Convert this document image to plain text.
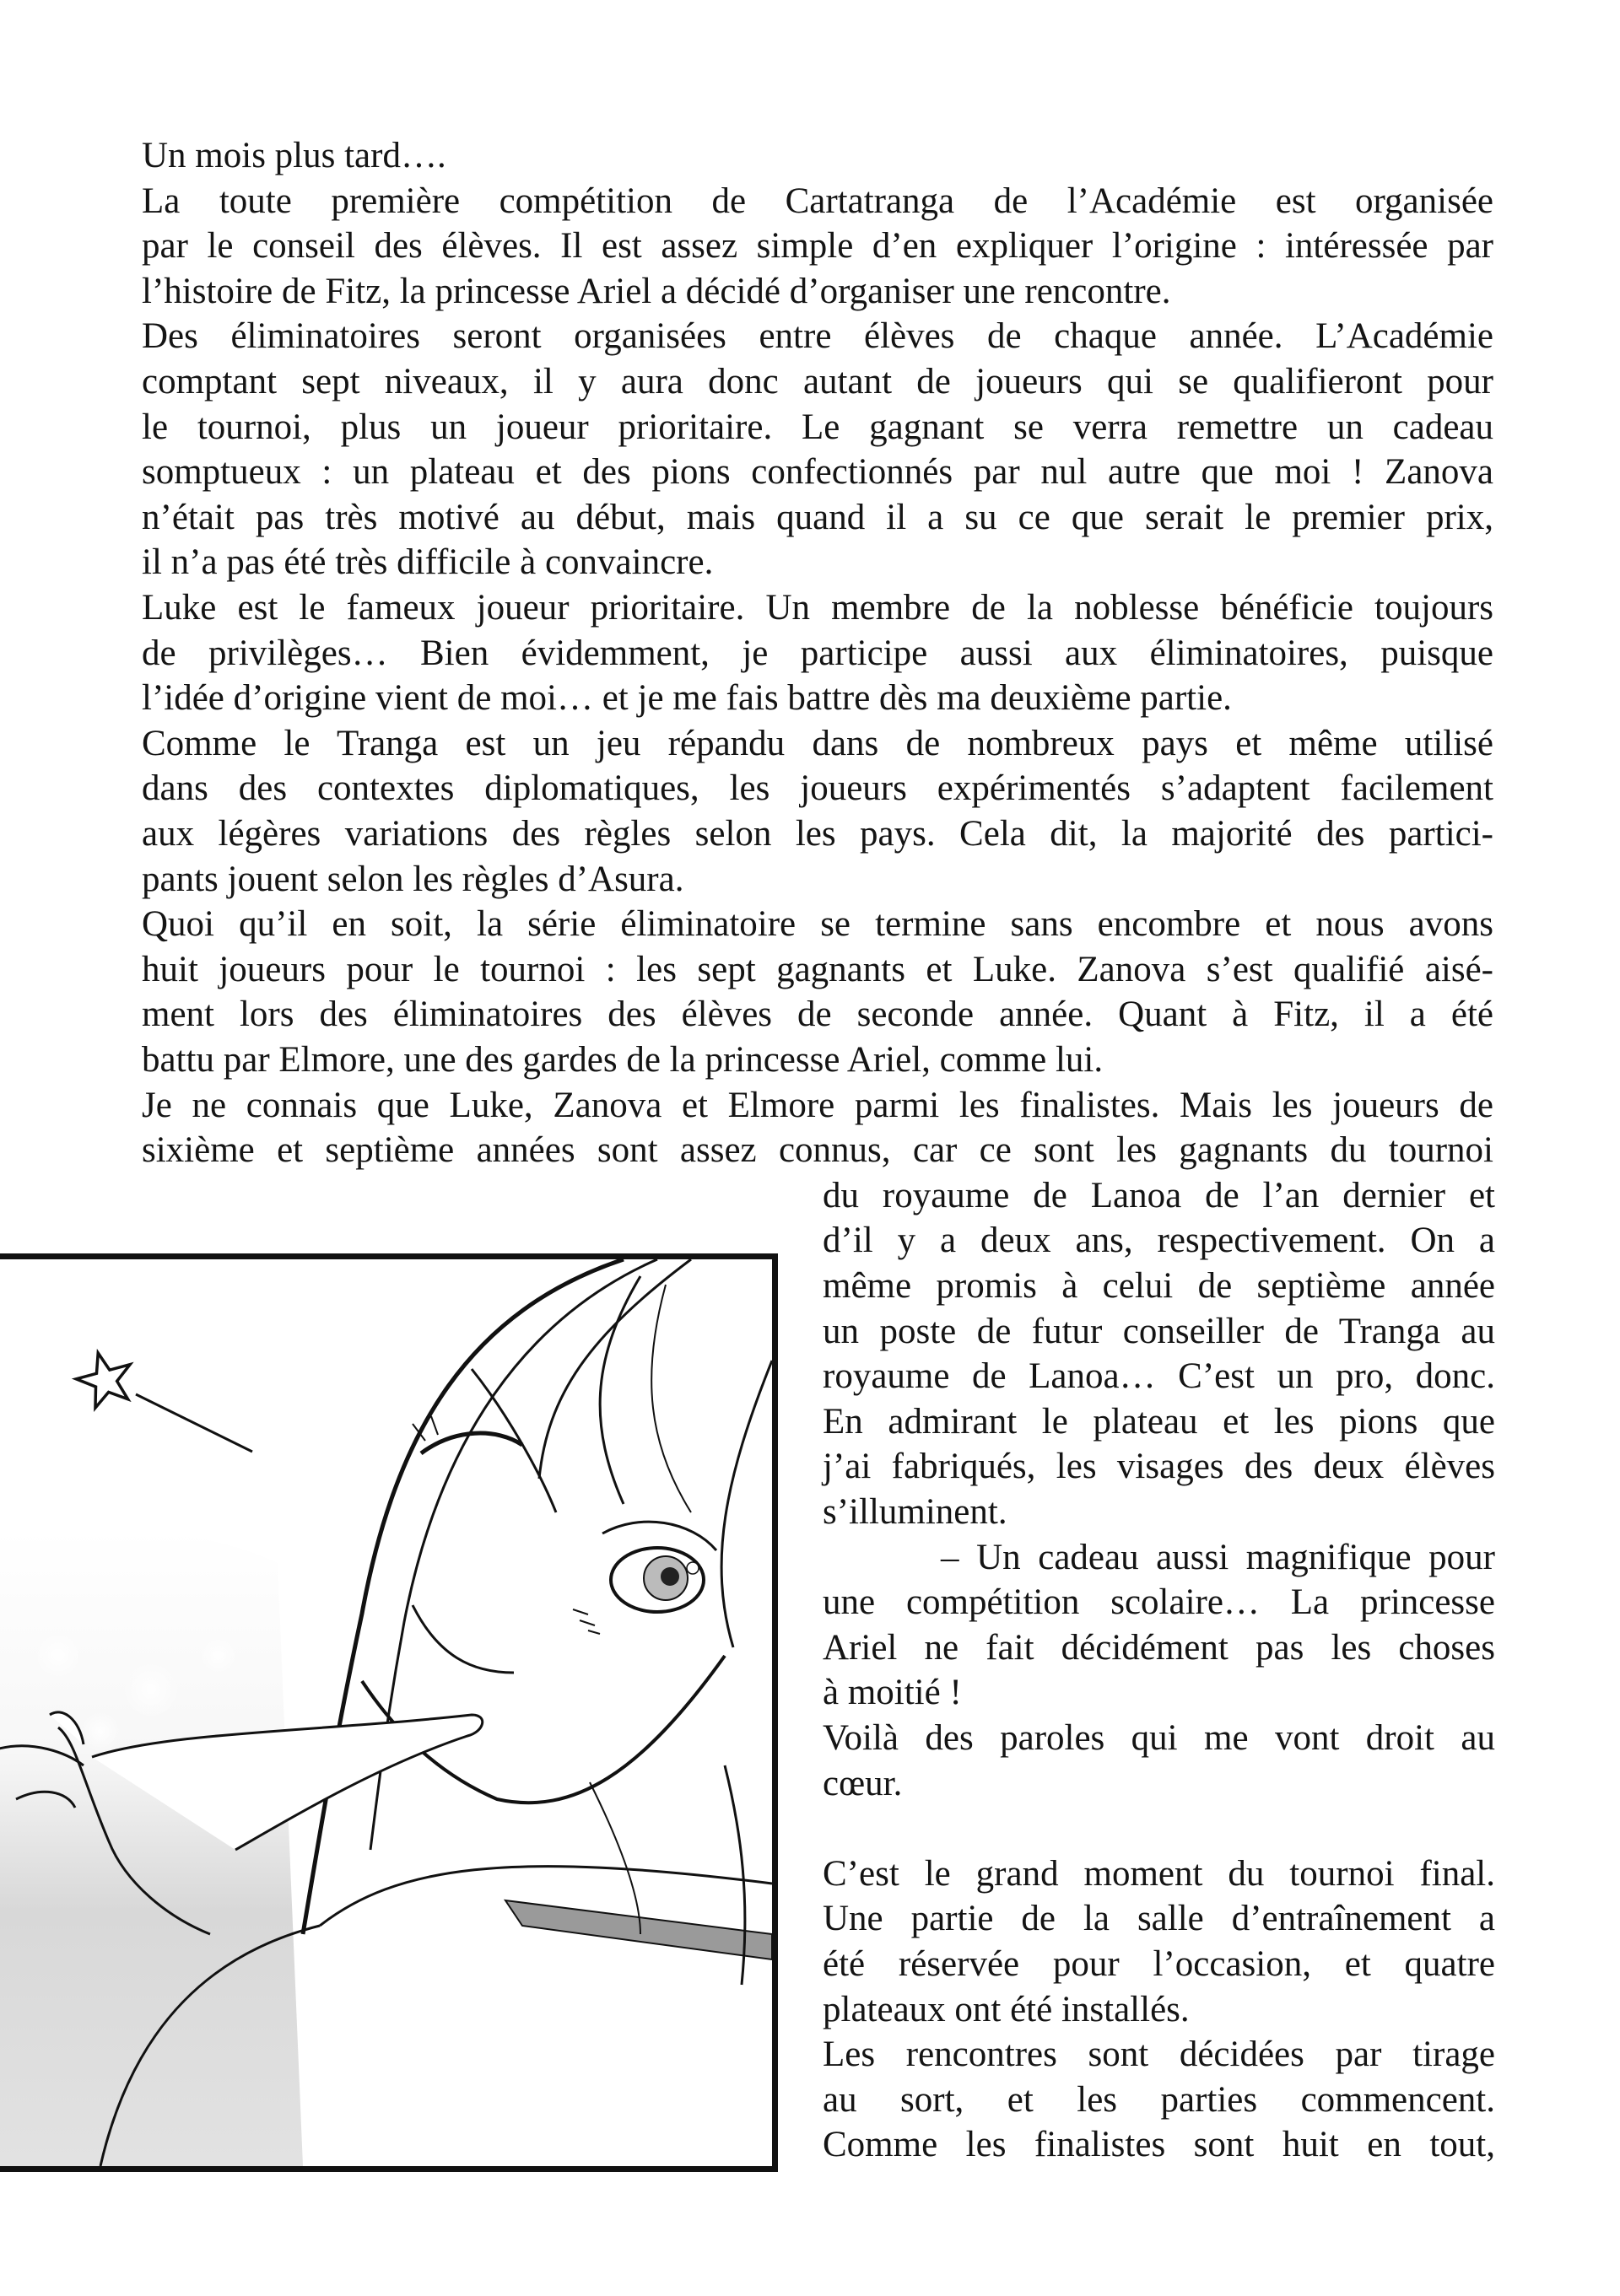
Un mois plus tard….
La toute première compétition de Cartatranga de l’Académie est organisée
par le conseil des élèves. Il est assez simple d’en expliquer l’origine : intéressée par
l’histoire de Fitz, la princesse Ariel a décidé d’organiser une rencontre.
Des éliminatoires seront organisées entre élèves de chaque année. L’Académie
comptant sept niveaux, il y aura donc autant de joueurs qui se qualifieront pour
le tournoi, plus un joueur prioritaire. Le gagnant se verra remettre un cadeau
somptueux : un plateau et des pions confectionnés par nul autre que moi ! Zanova
n’était pas très motivé au début, mais quand il a su ce que serait le premier prix,
il n’a pas été très difficile à convaincre.
Luke est le fameux joueur prioritaire. Un membre de la noblesse bénéficie toujours
de privilèges… Bien évidemment, je participe aussi aux éliminatoires, puisque
l’idée d’origine vient de moi… et je me fais battre dès ma deuxième partie.
Comme le Tranga est un jeu répandu dans de nombreux pays et même utilisé
dans des contextes diplomatiques, les joueurs expérimentés s’adaptent facilement
aux légères variations des règles selon les pays. Cela dit, la majorité des partici-
pants jouent selon les règles d’Asura.
Quoi qu’il en soit, la série éliminatoire se termine sans encombre et nous avons
huit joueurs pour le tournoi : les sept gagnants et Luke. Zanova s’est qualifié aisé-
ment lors des éliminatoires des élèves de seconde année. Quant à Fitz, il a été
battu par Elmore, une des gardes de la princesse Ariel, comme lui.
Je ne connais que Luke, Zanova et Elmore parmi les finalistes. Mais les joueurs de
sixième et septième années sont assez connus, car ce sont les gagnants du tournoi
du royaume de Lanoa de l’an dernier et
d’il y a deux ans, respectivement. On a
même promis à celui de septième année
un poste de futur conseiller de Tranga au
royaume de Lanoa… C’est un pro, donc.
En admirant le plateau et les pions que
j’ai fabriqués, les visages des deux élèves
s’illuminent.
– Un cadeau aussi magnifique pour
une compétition scolaire… La princesse
Ariel ne fait décidément pas les choses
à moitié !
Voilà des paroles qui me vont droit au
cœur.
C’est le grand moment du tournoi final.
Une partie de la salle d’entraînement a
été réservée pour l’occasion, et quatre
plateaux ont été installés.
Les rencontres sont décidées par tirage
au sort, et les parties commencent.
Comme les finalistes sont huit en tout,
